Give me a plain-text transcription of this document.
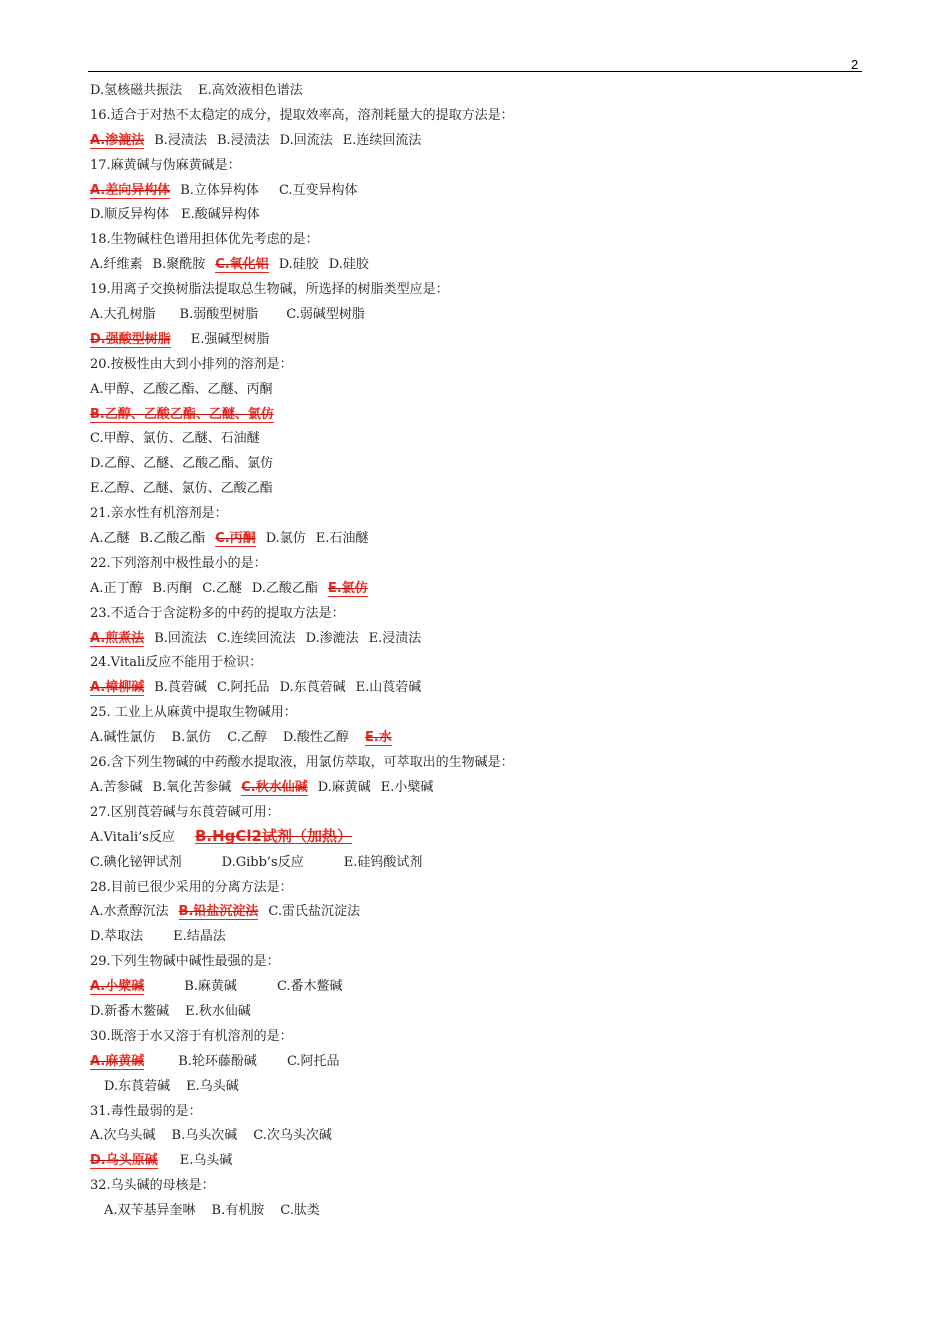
2
D.氢核磁共振法 E.高效液相色谱法
16.适合于对热不太稳定的成分，提取效率高，溶剂耗量大的提取方法是：
A.渗漉法 B.浸渍法 B.浸渍法 D.回流法 E.连续回流法
17.麻黄碱与伪麻黄碱是：
A.差向异构体 B.立体异构体 C.互变异构体
D.顺反异构体 E.酸碱异构体
18.生物碱柱色谱用担体优先考虑的是：
A.纤维素 B.聚酰胺 C.氧化铝 D.硅胶 D.硅胶
19.用离子交换树脂法提取总生物碱，所选择的树脂类型应是：
A.大孔树脂 B.弱酸型树脂 C.弱碱型树脂
D.强酸型树脂 E.强碱型树脂
20.按极性由大到小排列的溶剂是：
A.甲醇、乙酸乙酯、乙醚、丙酮
B.乙醇、乙酸乙酯、乙醚、氯仿
C.甲醇、氯仿、乙醚、石油醚
D.乙醇、乙醚、乙酸乙酯、氯仿
E.乙醇、乙醚、氯仿、乙酸乙酯
21.亲水性有机溶剂是：
A.乙醚 B.乙酸乙酯 C.丙酮 D.氯仿 E.石油醚
22.下列溶剂中极性最小的是：
A.正丁醇 B.丙酮 C.乙醚 D.乙酸乙酯 E.氯仿
23.不适合于含淀粉多的中药的提取方法是：
A.煎煮法 B.回流法 C.连续回流法 D.渗漉法 E.浸渍法
24.Vitali反应不能用于检识：
A.樟柳碱 B.莨菪碱 C.阿托品 D.东莨菪碱 E.山莨菪碱
25. 工业上从麻黄中提取生物碱用：
A.碱性氯仿 B.氯仿 C.乙醇 D.酸性乙醇 E.水
26.含下列生物碱的中药酸水提取液，用氯仿萃取，可萃取出的生物碱是：
A.苦参碱 B.氧化苦参碱 C.秋水仙碱 D.麻黄碱 E.小檗碱
27.区别莨菪碱与东莨菪碱可用：
A.Vitali’s反应 B.HgCl2试剂（加热）
C.碘化铋钾试剂	D.Gibb’s反应	E.硅钨酸试剂
28.目前已很少采用的分离方法是：
A.水煮醇沉法 B.铅盐沉淀法 C.雷氏盐沉淀法
D.萃取法 E.结晶法
29.下列生物碱中碱性最强的是：
A.小檗碱	B.麻黄碱	C.番木鳖碱
D.新番木鳖碱 E.秋水仙碱
30.既溶于水又溶于有机溶剂的是：
A.麻黄碱	B.轮环藤酚碱 C.阿托品
D.东莨菪碱 E.乌头碱
31.毒性最弱的是：
A.次乌头碱 B.乌头次碱 C.次乌头次碱
D.乌头原碱 E.乌头碱
32.乌头碱的母核是：
A.双苄基异奎啉 B.有机胺 C.肽类
